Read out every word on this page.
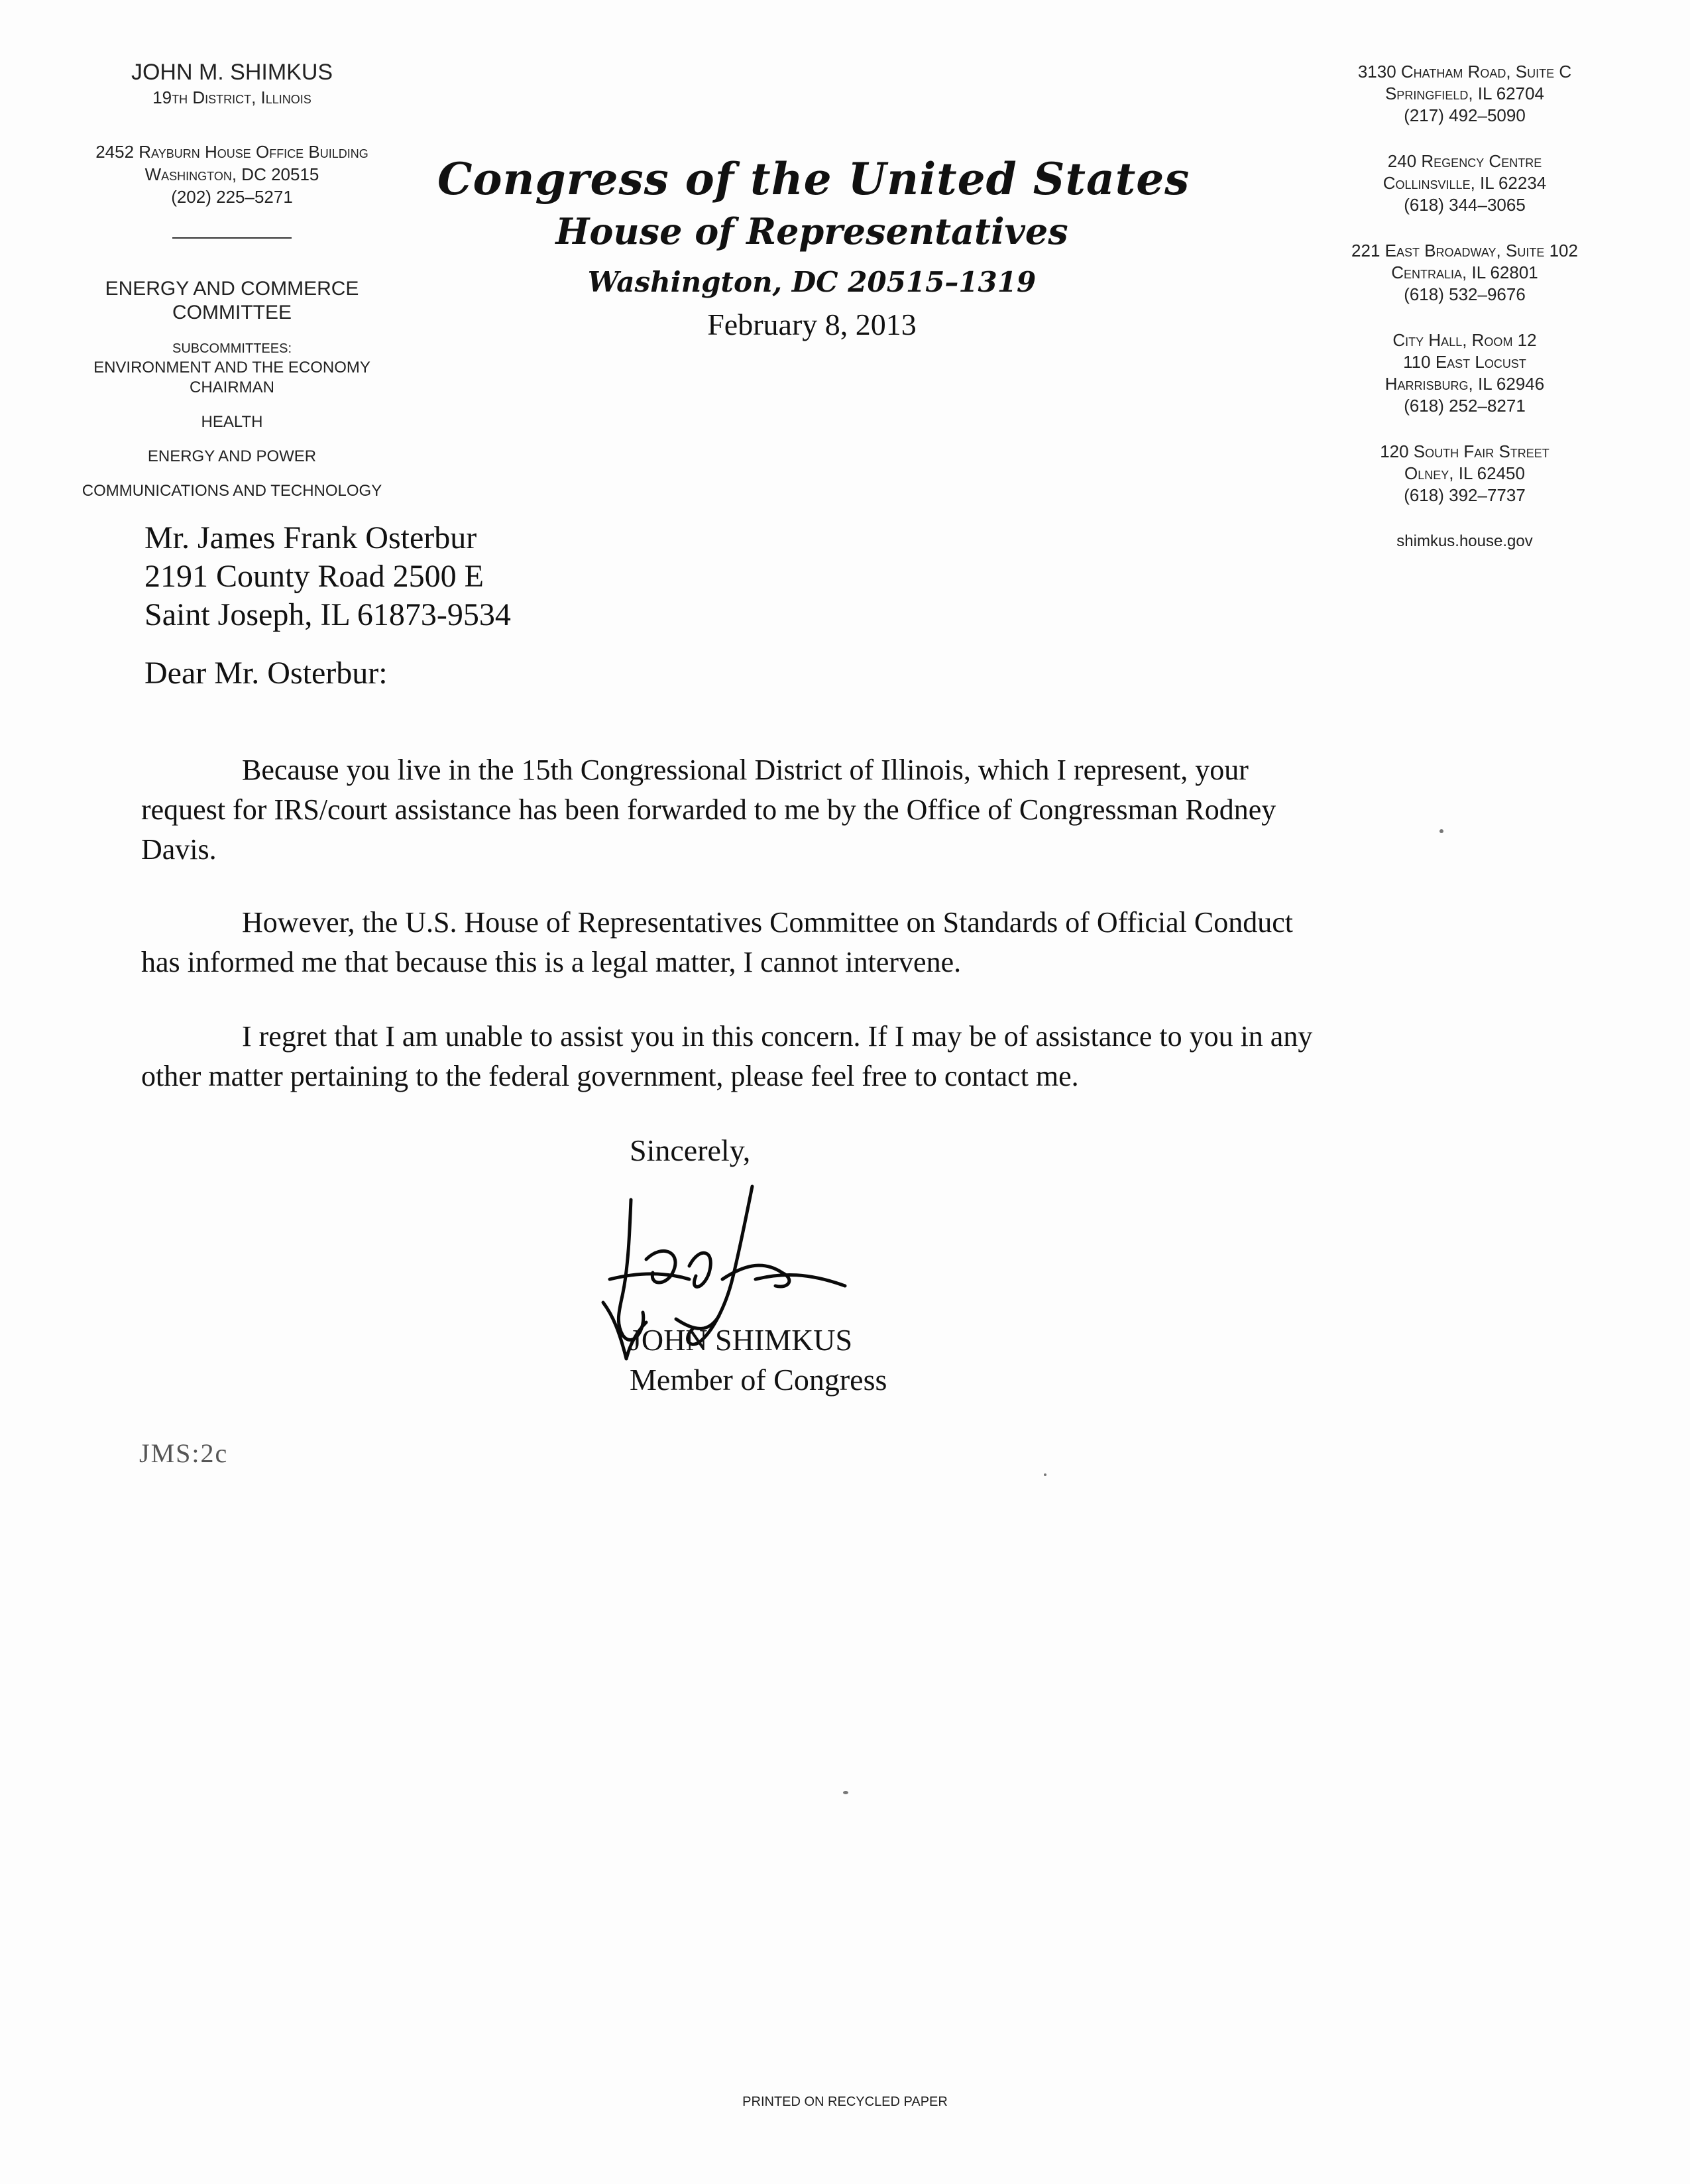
JOHN M. SHIMKUS
19th District, Illinois
2452 Rayburn House Office Building
Washington, DC 20515
(202) 225–5271
ENERGY AND COMMERCE
COMMITTEE
SUBCOMMITTEES:
ENVIRONMENT AND THE ECONOMY
CHAIRMAN
HEALTH
ENERGY AND POWER
COMMUNICATIONS AND TECHNOLOGY
Congress of the United States
House of Representatives
Washington, DC 20515–1319
February 8, 2013
3130 Chatham Road, Suite C
Springfield, IL 62704
(217) 492–5090
240 Regency Centre
Collinsville, IL 62234
(618) 344–3065
221 East Broadway, Suite 102
Centralia, IL 62801
(618) 532–9676
City Hall, Room 12
110 East Locust
Harrisburg, IL 62946
(618) 252–8271
120 South Fair Street
Olney, IL 62450
(618) 392–7737
shimkus.house.gov
Mr. James Frank Osterbur
2191 County Road 2500 E
Saint Joseph, IL 61873-9534
Dear Mr. Osterbur:
Because you live in the 15th Congressional District of Illinois, which I represent, your
request for IRS/court assistance has been forwarded to me by the Office of Congressman Rodney
Davis.
However, the U.S. House of Representatives Committee on Standards of Official Conduct
has informed me that because this is a legal matter, I cannot intervene.
I regret that I am unable to assist you in this concern. If I may be of assistance to you in any
other matter pertaining to the federal government, please feel free to contact me.
Sincerely,
JOHN SHIMKUS
Member of Congress
JMS:2c
PRINTED ON RECYCLED PAPER
